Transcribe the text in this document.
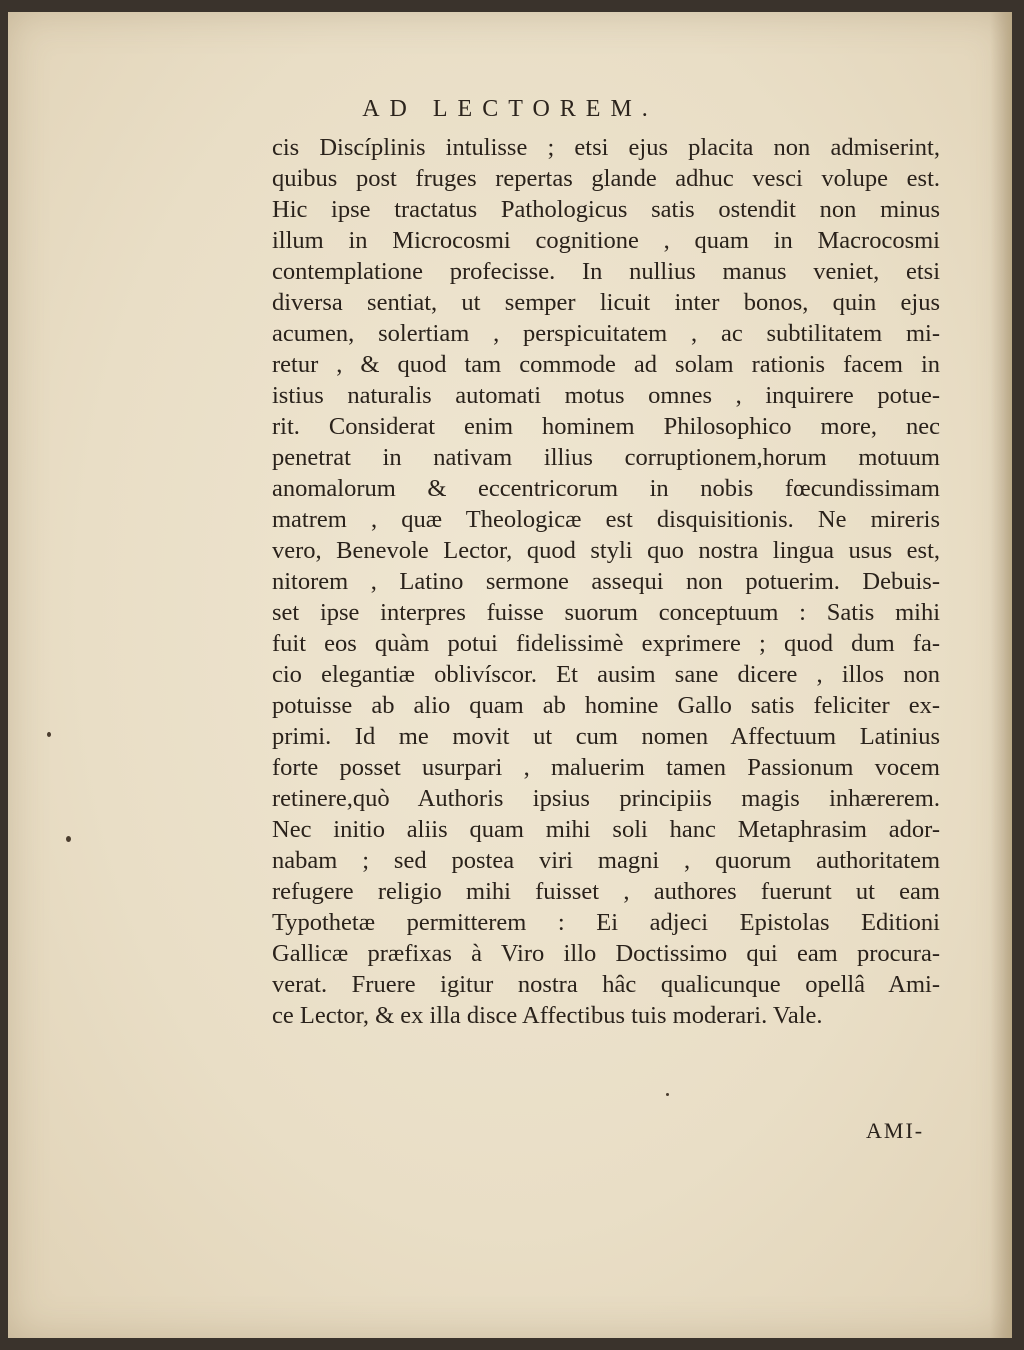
AD LECTOREM.
cis Discíplinis intulisse ; etsi ejus placita non admiserint,
quibus post fruges repertas glande adhuc vesci volupe est.
Hic ipse tractatus Pathologicus satis ostendit non minus
illum in Microcosmi cognitione , quam in Macrocosmi
contemplatione profecisse. In nullius manus veniet, etsi
diversa sentiat, ut semper licuit inter bonos, quin ejus
acumen, solertiam , perspicuitatem , ac subtilitatem mi-
retur , & quod tam commode ad solam rationis facem in
istius naturalis automati motus omnes , inquirere potue-
rit. Considerat enim hominem Philosophico more, nec
penetrat in nativam illius corruptionem,horum motuum
anomalorum & eccentricorum in nobis fœcundissimam
matrem , quæ Theologicæ est disquisitionis. Ne mireris
vero, Benevole Lector, quod styli quo nostra lingua usus est,
nitorem , Latino sermone assequi non potuerim. Debuis-
set ipse interpres fuisse suorum conceptuum : Satis mihi
fuit eos quàm potui fidelissimè exprimere ; quod dum fa-
cio elegantiæ oblivíscor. Et ausim sane dicere , illos non
potuisse ab alio quam ab homine Gallo satis feliciter ex-
primi. Id me movit ut cum nomen Affectuum Latinius
forte posset usurpari , maluerim tamen Passionum vocem
retinere,quò Authoris ipsius principiis magis inhærerem.
Nec initio aliis quam mihi soli hanc Metaphrasim ador-
nabam ; sed postea viri magni , quorum authoritatem
refugere religio mihi fuisset , authores fuerunt ut eam
Typothetæ permitterem : Ei adjeci Epistolas Editioni
Gallicæ præfixas à Viro illo Doctissimo qui eam procura-
verat. Fruere igitur nostra hâc qualicunque opellâ Ami-
ce Lector, & ex illa disce Affectibus tuis moderari. Vale.
AMI-
